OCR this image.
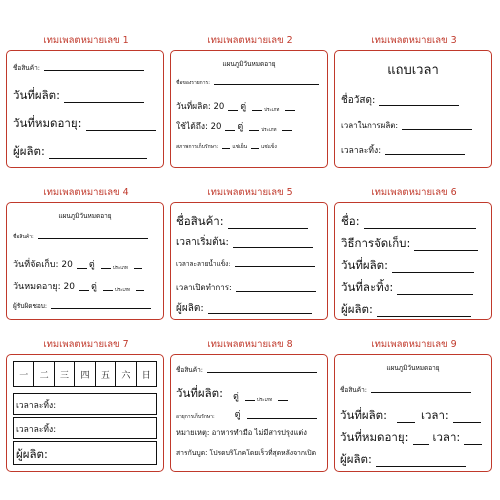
เทมเพลตหมายเลข 1
ชื่อสินค้า:
วันที่ผลิต:
วันที่หมดอายุ:
ผู้ผลิต:
เทมเพลตหมายเลข 2
แผนภูมิวันหมดอายุ
ชื่อของรายการ:
วันที่ผลิต: 20 ตูู่	ประเภท
ใช้ได้ถึง: 20 ตูู่	ประเภท
สภาพการเก็บรักษา:	แช่เย็น	แช่แข็ง
เทมเพลตหมายเลข 3
แถบเวลา
ชื่อวัสดุ:
เวลาในการผลิต:
เวลาละทิ้ง:
เทมเพลตหมายเลข 4
แผนภูมิวันหมดอายุ
ชื่อสินค้า:
วันที่จัดเก็บ: 20 ตูู่	ประเภท
วันหมดอายุ: 20 ตูู่	ประเภท
ผู้รับผิดชอบ:
เทมเพลตหมายเลข 5
ชื่อสินค้า:
เวลาเริ่มต้น:
เวลาละลายน้ำแข็ง:
เวลาเปิดทำการ:
ผู้ผลิต:
เทมเพลตหมายเลข 6
ชื่อ:
วิธีการจัดเก็บ:
วันที่ผลิต:
วันที่ละทิ้ง:
ผู้ผลิต:
เทมเพลตหมายเลข 7
一	二	三	四	五	六	日
เวลาละทิ้ง:
เวลาละทิ้ง:
ผู้ผลิต:
เทมเพลตหมายเลข 8
ชื่อสินค้า:
วันที่ผลิต: ตูู่	ประเภท
อายุการเก็บรักษา: ตูู่
หมายเหตุ: อาหารทำมือ ไม่มีสารปรุงแต่ง
สารกันบูด: โปรดบริโภคโดยเร็วที่สุดหลังจากเปิด
เทมเพลตหมายเลข 9
แผนภูมิวันหมดอายุ
ชื่อสินค้า:
วันที่ผลิต:	เวลา:
วันที่หมดอายุ: เวลา:
ผู้ผลิต:
